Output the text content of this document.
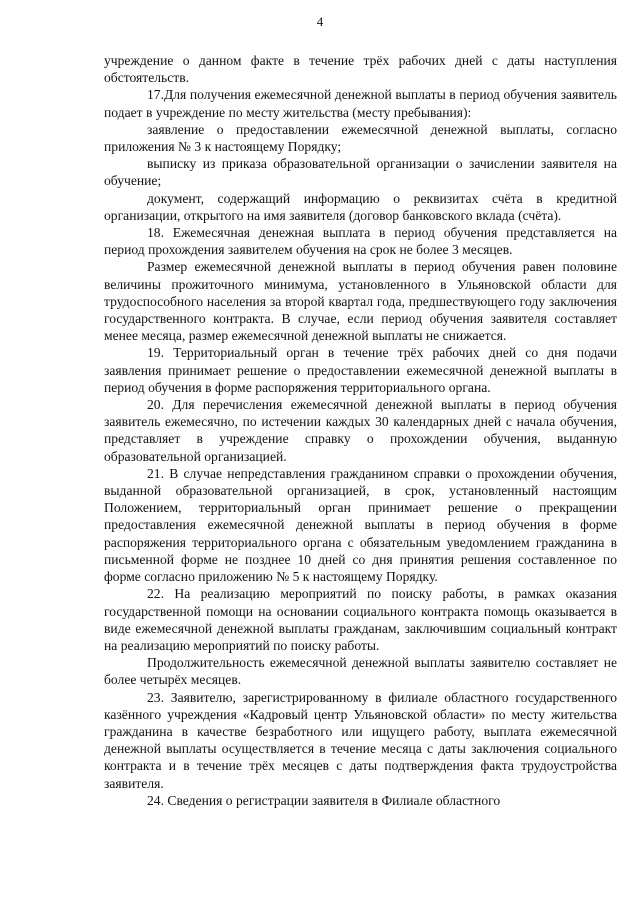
4

учреждение о данном факте в течение трёх рабочих дней с даты наступления обстоятельств.

17.Для получения ежемесячной денежной выплаты в период обучения заявитель подает в учреждение по месту жительства (месту пребывания):

заявление о предоставлении ежемесячной денежной выплаты, согласно приложения № 3 к настоящему Порядку;

выписку из приказа образовательной организации о зачислении заявителя на обучение;

документ, содержащий информацию о реквизитах счёта в кредитной организации, открытого на имя заявителя (договор банковского вклада (счёта).

18. Ежемесячная денежная выплата в период обучения представляется на период прохождения заявителем обучения на срок не более 3 месяцев.

Размер ежемесячной денежной выплаты в период обучения равен половине величины прожиточного минимума, установленного в Ульяновской области для трудоспособного населения за второй квартал года, предшествующего году заключения государственного контракта. В случае, если период обучения заявителя составляет менее месяца, размер ежемесячной денежной выплаты не снижается.

19. Территориальный орган в течение трёх рабочих дней со дня подачи заявления принимает решение о предоставлении ежемесячной денежной выплаты в период обучения в форме распоряжения территориального органа.

20. Для перечисления ежемесячной денежной выплаты в период обучения заявитель ежемесячно, по истечении каждых 30 календарных дней с начала обучения, представляет в учреждение справку о прохождении обучения, выданную образовательной организацией.

21. В случае непредставления гражданином справки о прохождении обучения, выданной образовательной организацией, в срок, установленный настоящим Положением, территориальный орган принимает решение о прекращении предоставления ежемесячной денежной выплаты в период обучения в форме распоряжения территориального органа с обязательным уведомлением гражданина в письменной форме не позднее 10 дней со дня принятия решения составленное по форме согласно приложению № 5 к настоящему Порядку.

22. На реализацию мероприятий по поиску работы, в рамках оказания государственной помощи на основании социального контракта помощь оказывается в виде ежемесячной денежной выплаты гражданам, заключившим социальный контракт на реализацию мероприятий по поиску работы.

Продолжительность ежемесячной денежной выплаты заявителю составляет не более четырёх месяцев.

23. Заявителю, зарегистрированному в филиале областного государственного казённого учреждения «Кадровый центр Ульяновской области» по месту жительства гражданина в качестве безработного или ищущего работу, выплата ежемесячной денежной выплаты осуществляется в течение месяца с даты заключения социального контракта и в течение трёх месяцев с даты подтверждения факта трудоустройства заявителя.

24. Сведения о регистрации заявителя в Филиале областного
